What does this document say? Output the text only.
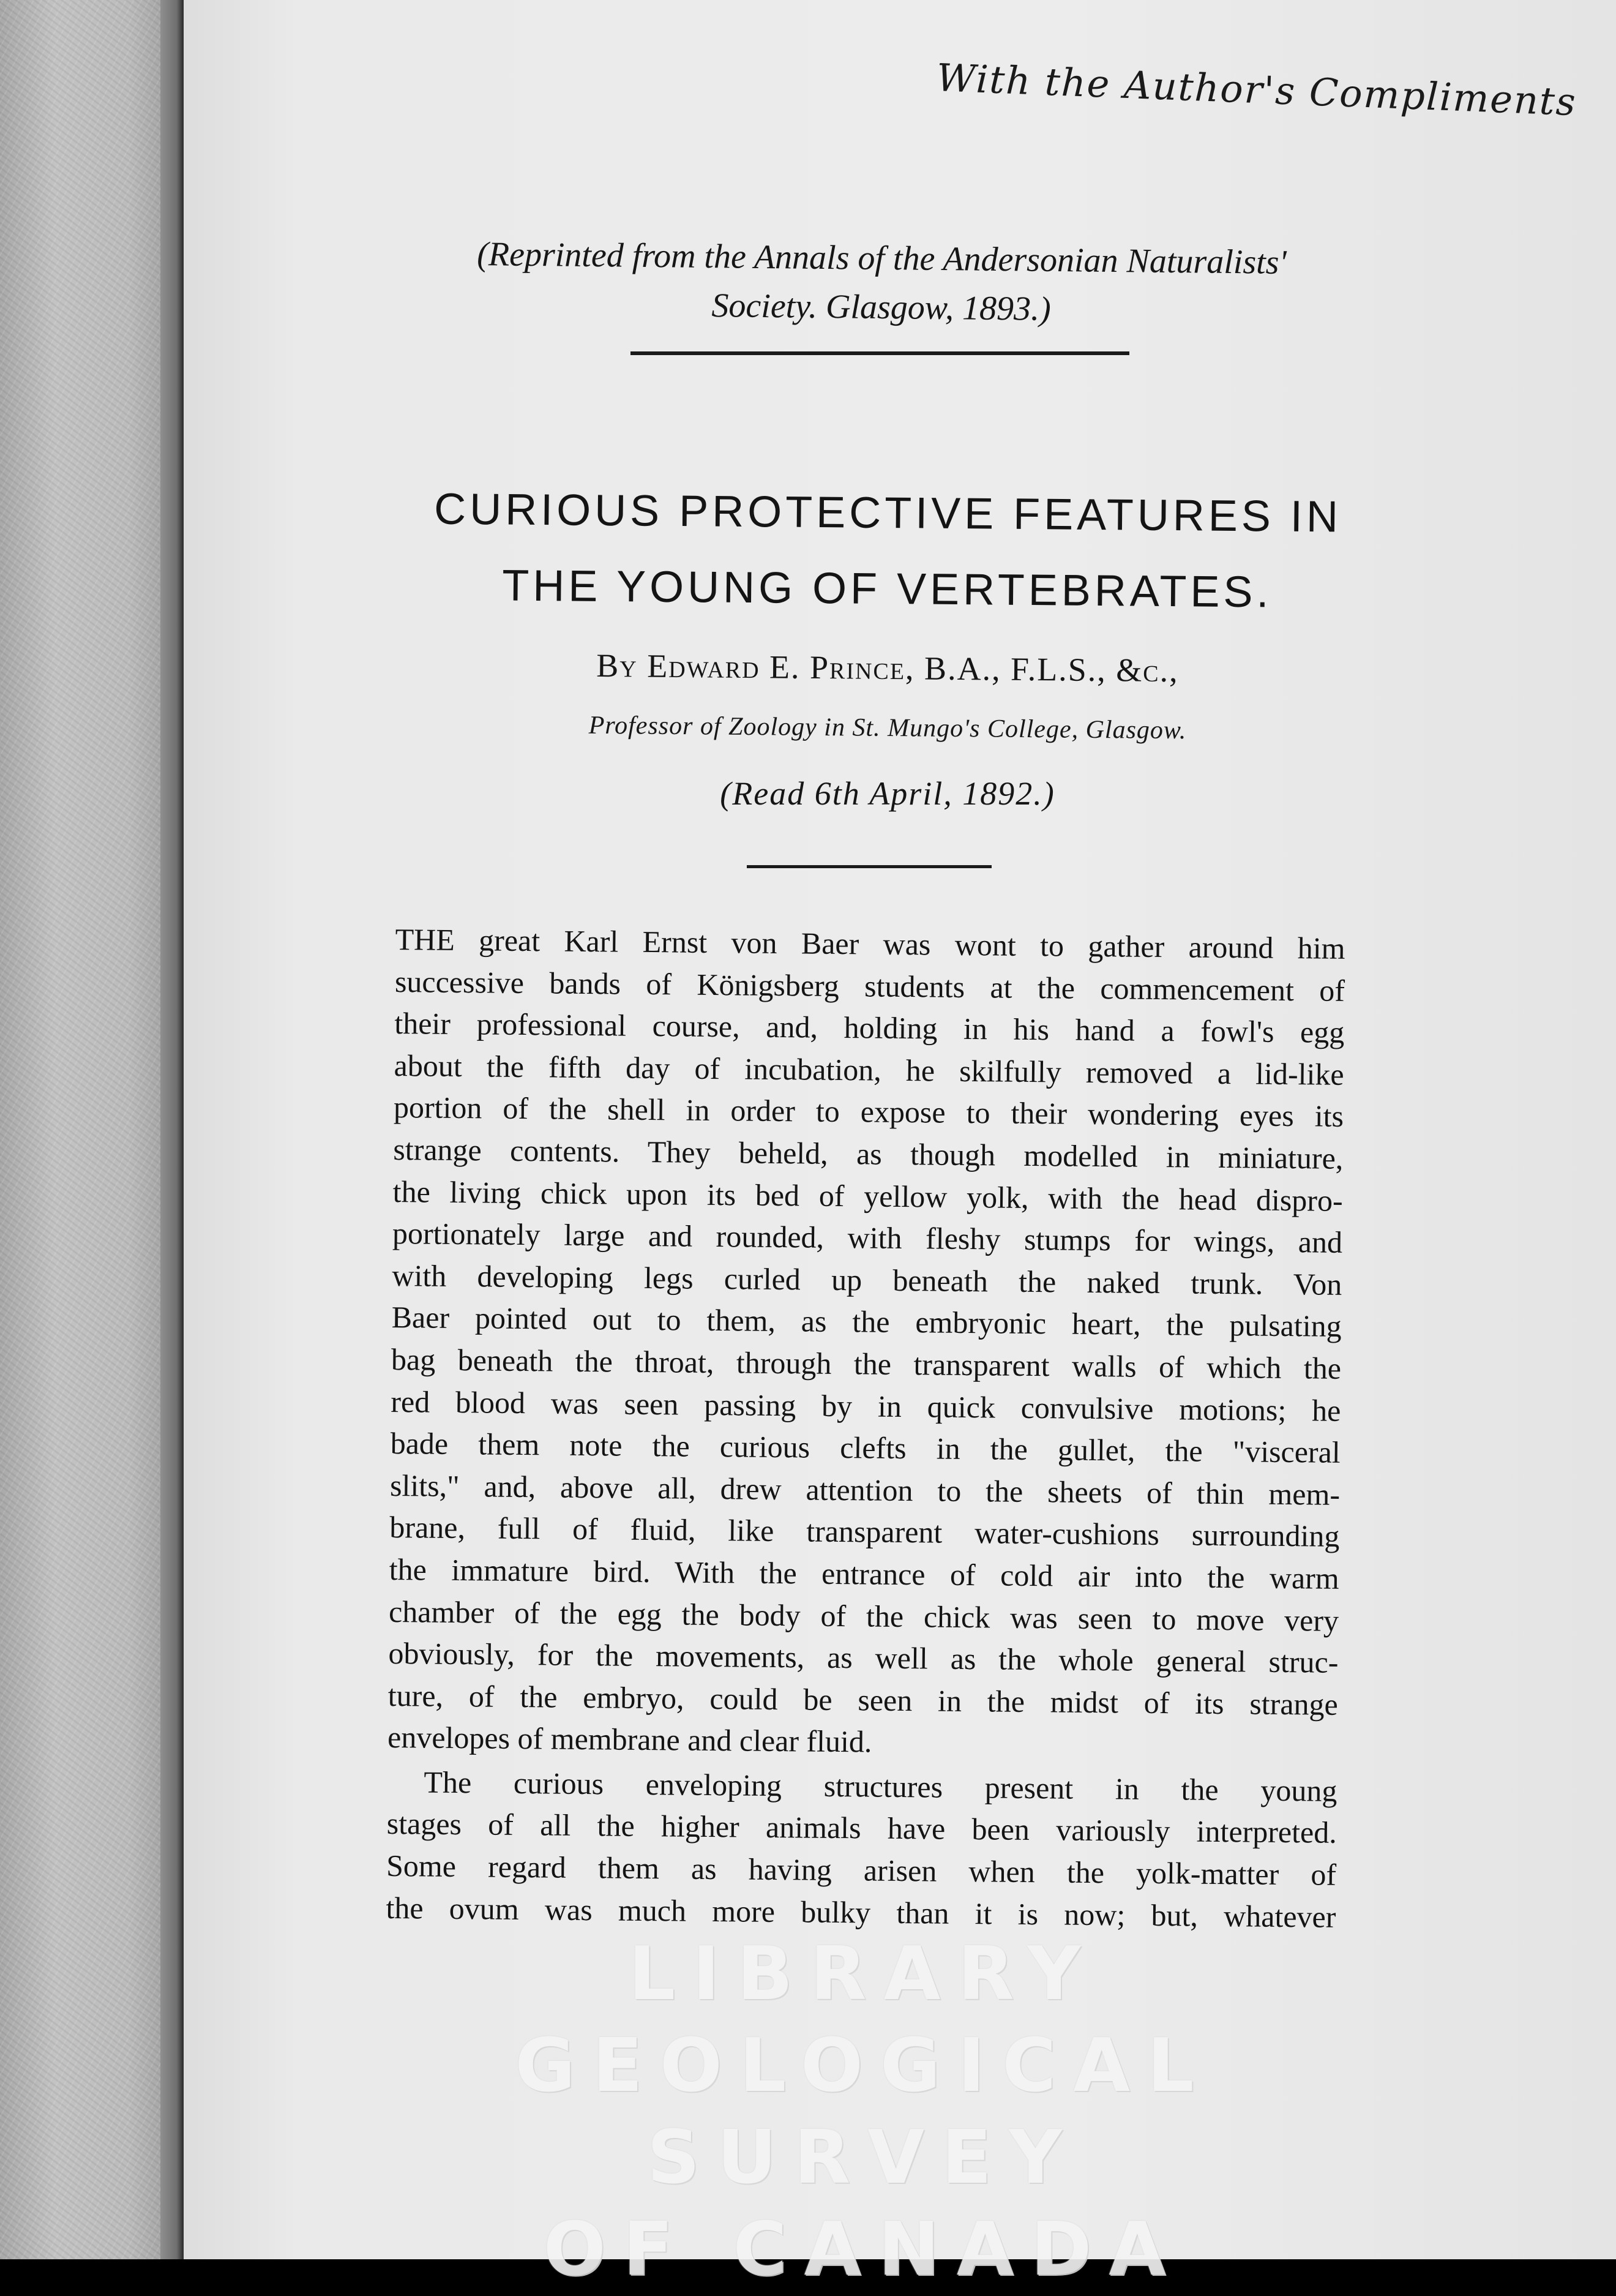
With the Author's Compliments
(Reprinted from the Annals of the Andersonian Naturalists'
Society. Glasgow, 1893.)
CURIOUS PROTECTIVE FEATURES IN
THE YOUNG OF VERTEBRATES.
By Edward E. Prince, B.A., F.L.S., &c.,
Professor of Zoology in St. Mungo's College, Glasgow.
(Read 6th April, 1892.)
THE great Karl Ernst von Baer was wont to gather around him
successive bands of Königsberg students at the commencement of
their professional course, and, holding in his hand a fowl's egg
about the fifth day of incubation, he skilfully removed a lid-like
portion of the shell in order to expose to their wondering eyes its
strange contents. They beheld, as though modelled in miniature,
the living chick upon its bed of yellow yolk, with the head dispro-
portionately large and rounded, with fleshy stumps for wings, and
with developing legs curled up beneath the naked trunk. Von
Baer pointed out to them, as the embryonic heart, the pulsating
bag beneath the throat, through the transparent walls of which the
red blood was seen passing by in quick convulsive motions; he
bade them note the curious clefts in the gullet, the "visceral
slits," and, above all, drew attention to the sheets of thin mem-
brane, full of fluid, like transparent water-cushions surrounding
the immature bird. With the entrance of cold air into the warm
chamber of the egg the body of the chick was seen to move very
obviously, for the movements, as well as the whole general struc-
ture, of the embryo, could be seen in the midst of its strange
envelopes of membrane and clear fluid.
The curious enveloping structures present in the young
stages of all the higher animals have been variously interpreted.
Some regard them as having arisen when the yolk-matter of
the ovum was much more bulky than it is now; but, whatever
LIBRARY
GEOLOGICAL SURVEY
OF CANADA
